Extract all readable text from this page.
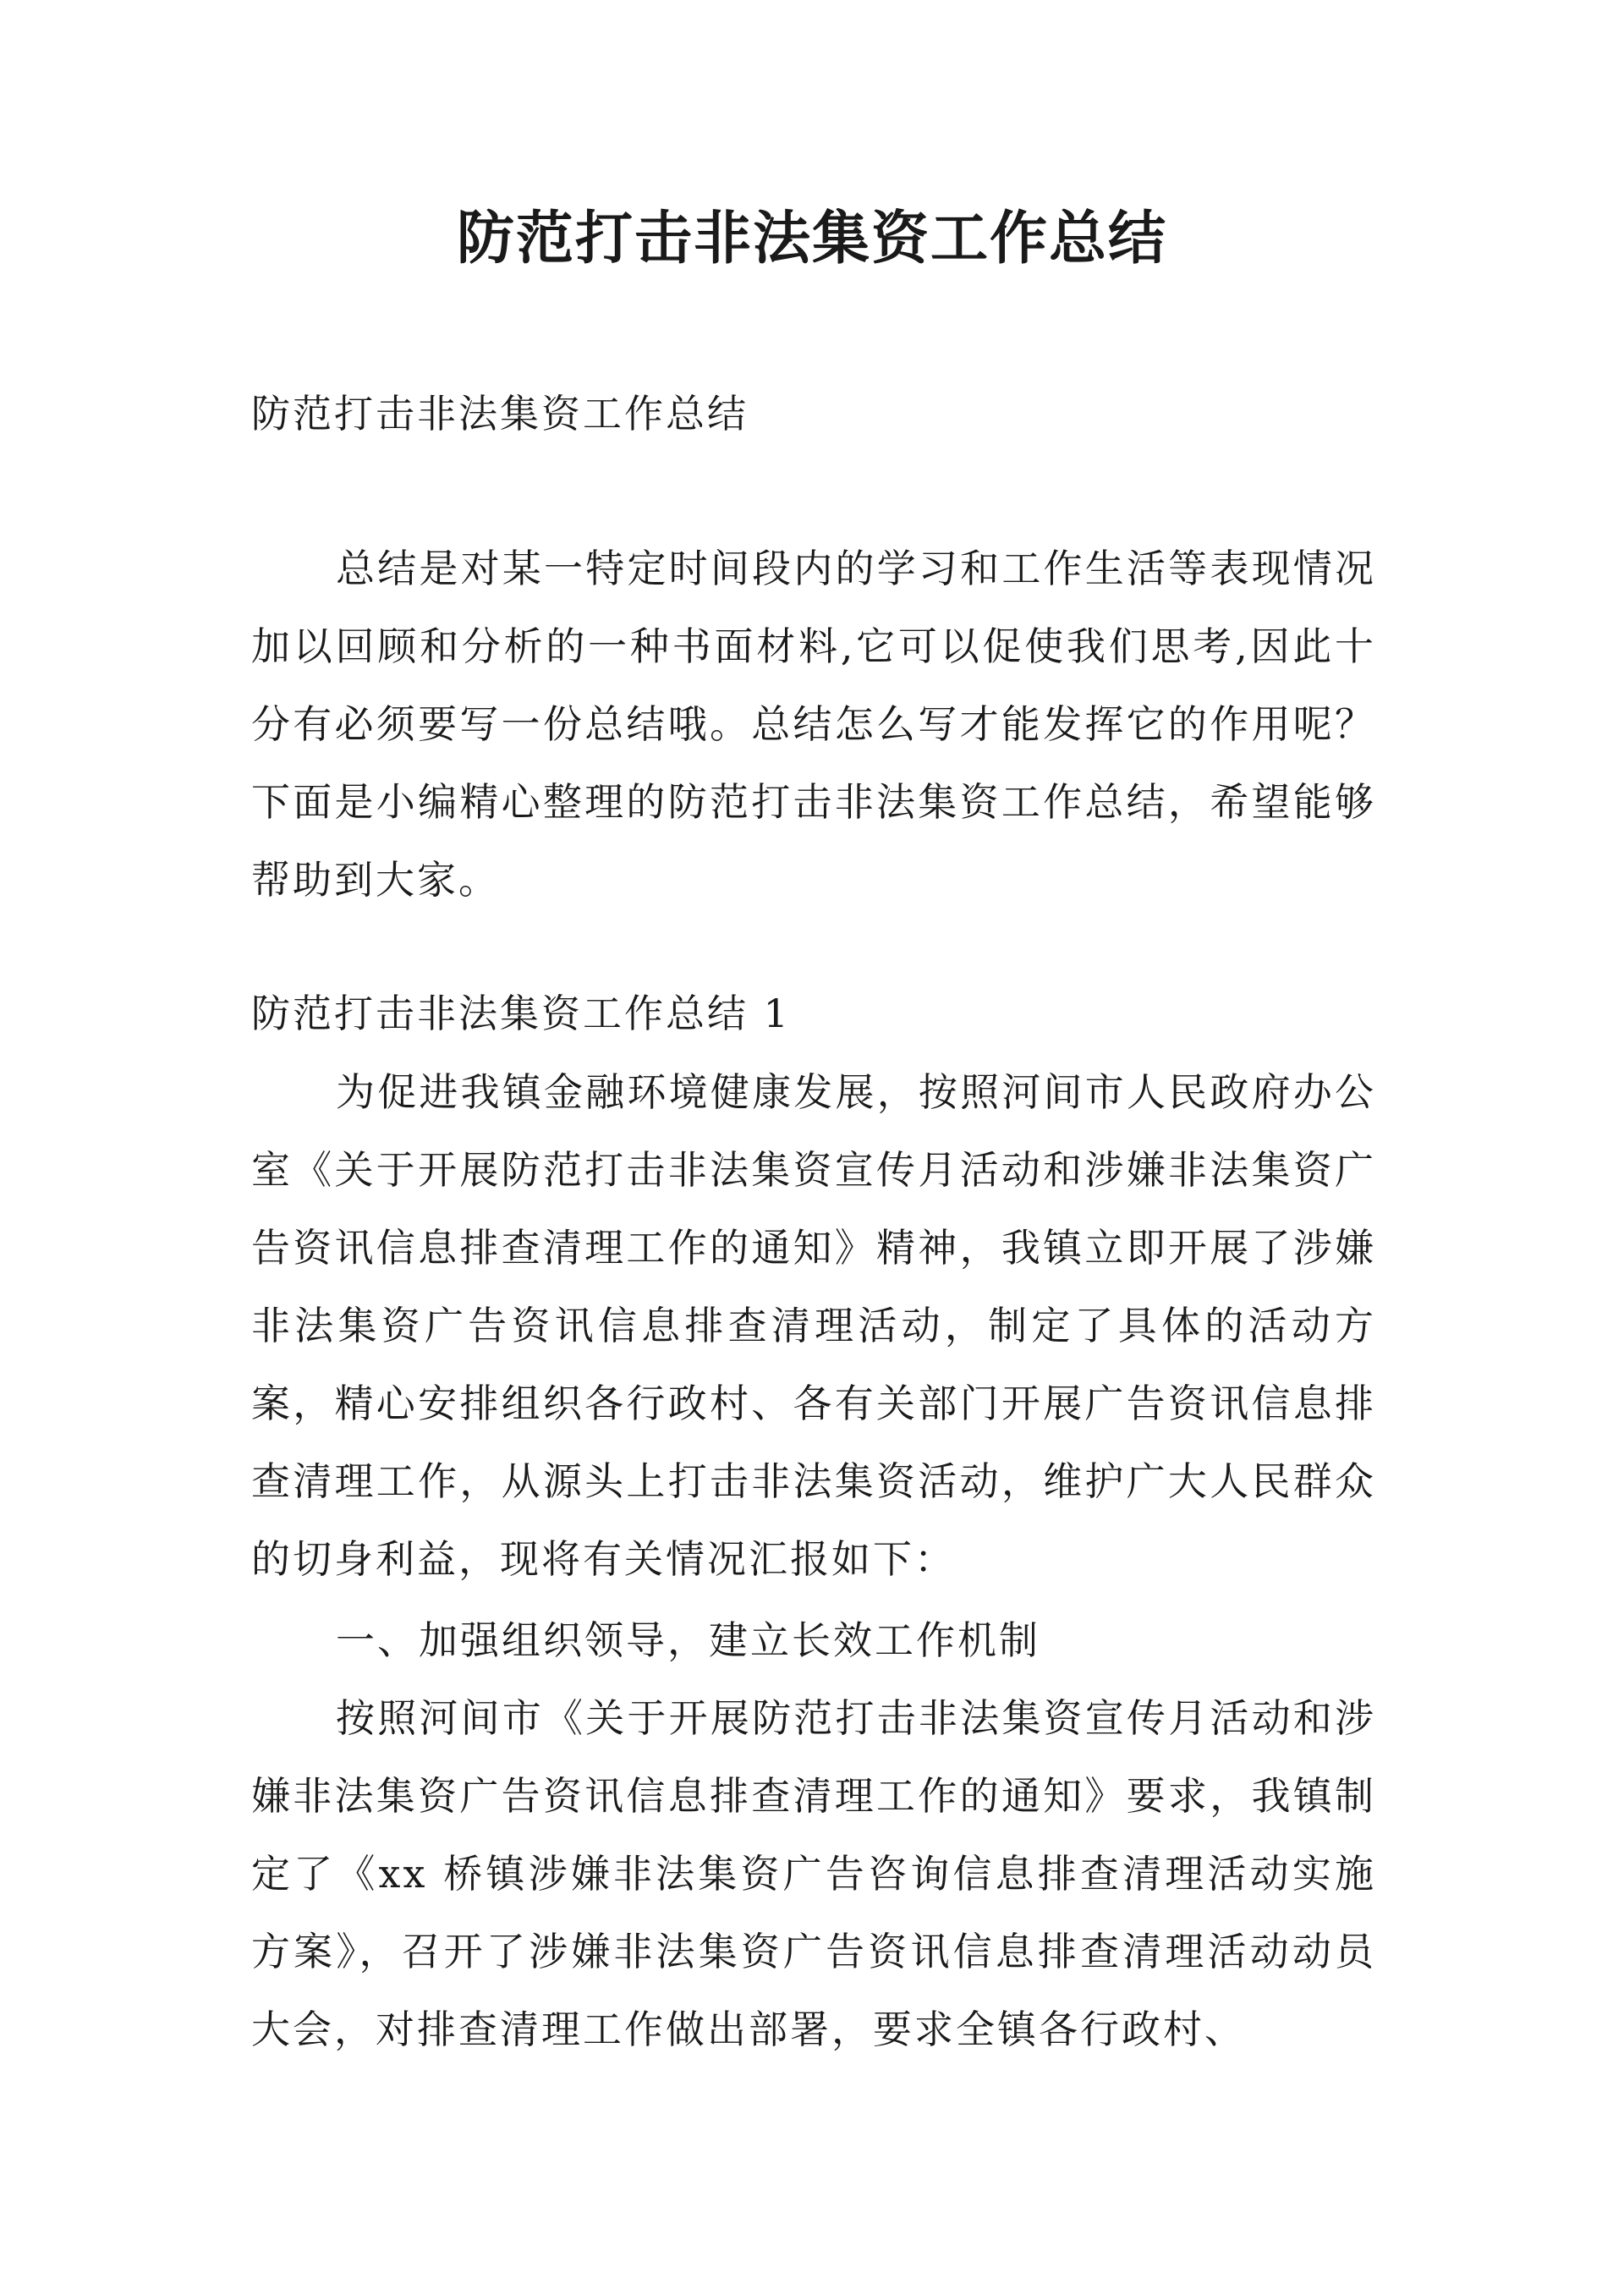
防范打击非法集资工作总结

防范打击非法集资工作总结

总结是对某一特定时间段内的学习和工作生活等表现情况加以回顾和分析的一种书面材料,它可以促使我们思考,因此十分有必须要写一份总结哦。总结怎么写才能发挥它的作用呢？下面是小编精心整理的防范打击非法集资工作总结，希望能够帮助到大家。

防范打击非法集资工作总结 1

为促进我镇金融环境健康发展，按照河间市人民政府办公室《关于开展防范打击非法集资宣传月活动和涉嫌非法集资广告资讯信息排查清理工作的通知》精神，我镇立即开展了涉嫌非法集资广告资讯信息排查清理活动，制定了具体的活动方案，精心安排组织各行政村、各有关部门开展广告资讯信息排查清理工作，从源头上打击非法集资活动，维护广大人民群众的切身利益，现将有关情况汇报如下：

一、加强组织领导，建立长效工作机制

按照河间市《关于开展防范打击非法集资宣传月活动和涉嫌非法集资广告资讯信息排查清理工作的通知》要求，我镇制定了《xx 桥镇涉嫌非法集资广告咨询信息排查清理活动实施方案》，召开了涉嫌非法集资广告资讯信息排查清理活动动员大会，对排查清理工作做出部署，要求全镇各行政村、
